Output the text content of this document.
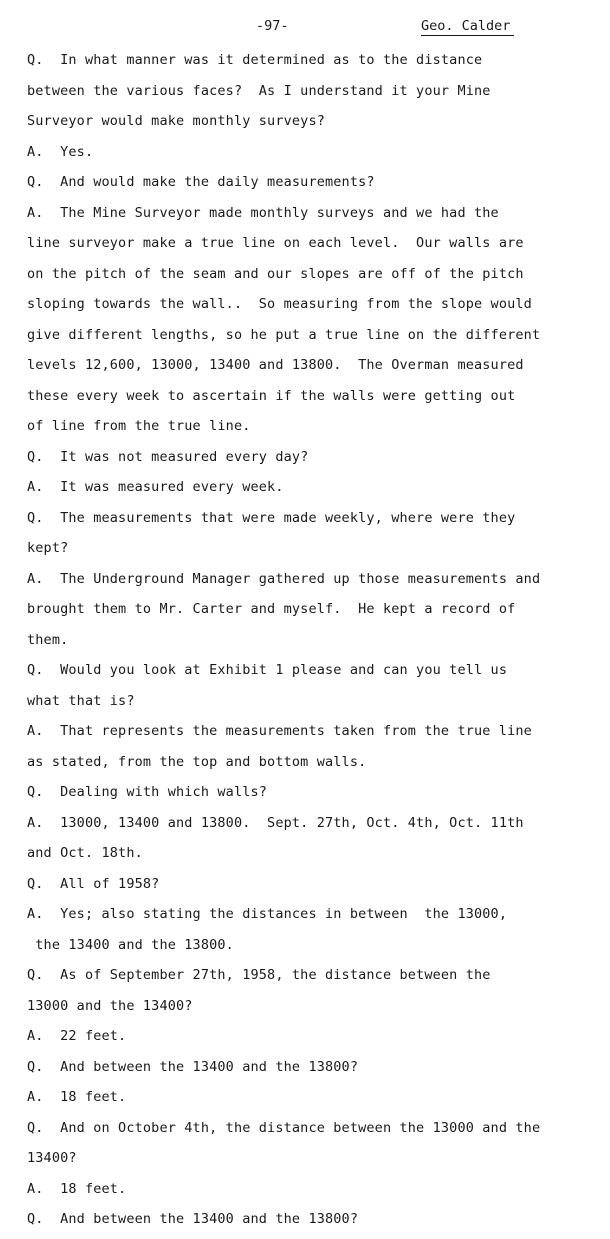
-97-	Geo. Calder
Q.  In what manner was it determined as to the distance
between the various faces?  As I understand it your Mine
Surveyor would make monthly surveys?
A.  Yes.
Q.  And would make the daily measurements?
A.  The Mine Surveyor made monthly surveys and we had the
line surveyor make a true line on each level.  Our walls are
on the pitch of the seam and our slopes are off of the pitch
sloping towards the wall..  So measuring from the slope would
give different lengths, so he put a true line on the different
levels 12,600, 13000, 13400 and 13800.  The Overman measured
these every week to ascertain if the walls were getting out
of line from the true line.
Q.  It was not measured every day?
A.  It was measured every week.
Q.  The measurements that were made weekly, where were they
kept?
A.  The Underground Manager gathered up those measurements and
brought them to Mr. Carter and myself.  He kept a record of
them.
Q.  Would you look at Exhibit 1 please and can you tell us
what that is?
A.  That represents the measurements taken from the true line
as stated, from the top and bottom walls.
Q.  Dealing with which walls?
A.  13000, 13400 and 13800.  Sept. 27th, Oct. 4th, Oct. 11th
and Oct. 18th.
Q.  All of 1958?
A.  Yes; also stating the distances in between  the 13000,
the 13400 and the 13800.
Q.  As of September 27th, 1958, the distance between the
13000 and the 13400?
A.  22 feet.
Q.  And between the 13400 and the 13800?
A.  18 feet.
Q.  And on October 4th, the distance between the 13000 and the
13400?
A.  18 feet.
Q.  And between the 13400 and the 13800?
